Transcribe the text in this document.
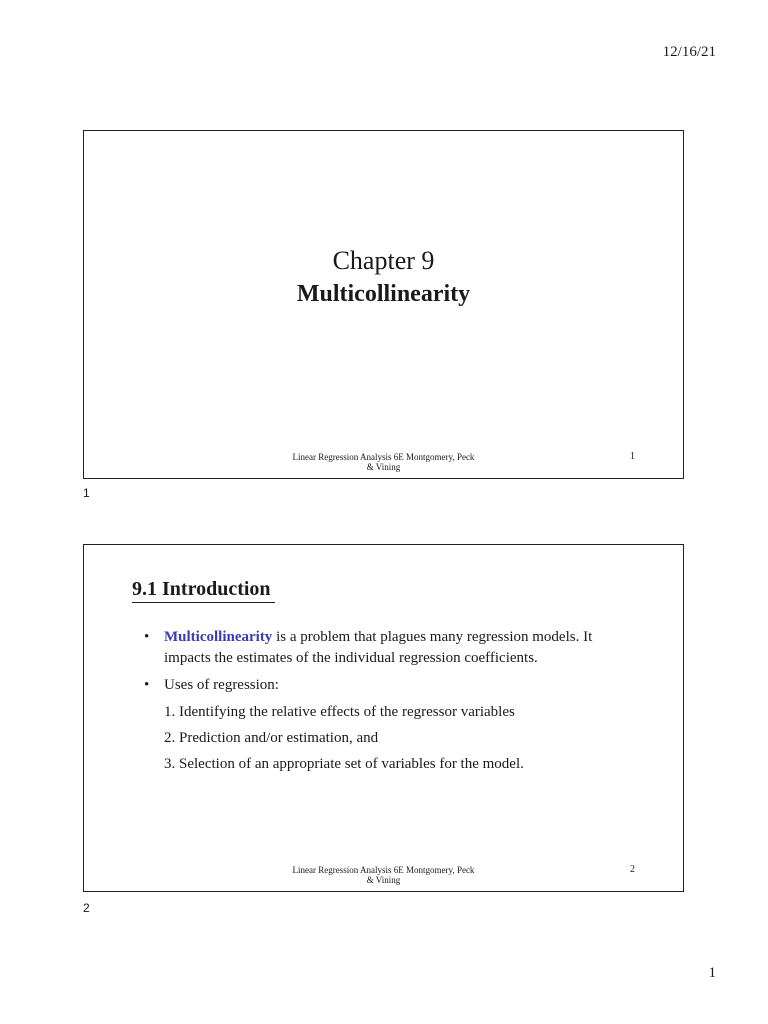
12/16/21
Chapter 9
Multicollinearity
Linear Regression Analysis 6E Montgomery, Peck
& Vining
1
1
9.1 Introduction
• Multicollinearity is a problem that plagues many regression models. It impacts the estimates of the individual regression coefficients.
• Uses of regression:
1. Identifying the relative effects of the regressor variables
2. Prediction and/or estimation, and
3. Selection of an appropriate set of variables for the model.
Linear Regression Analysis 6E Montgomery, Peck
& Vining
2
2
1
